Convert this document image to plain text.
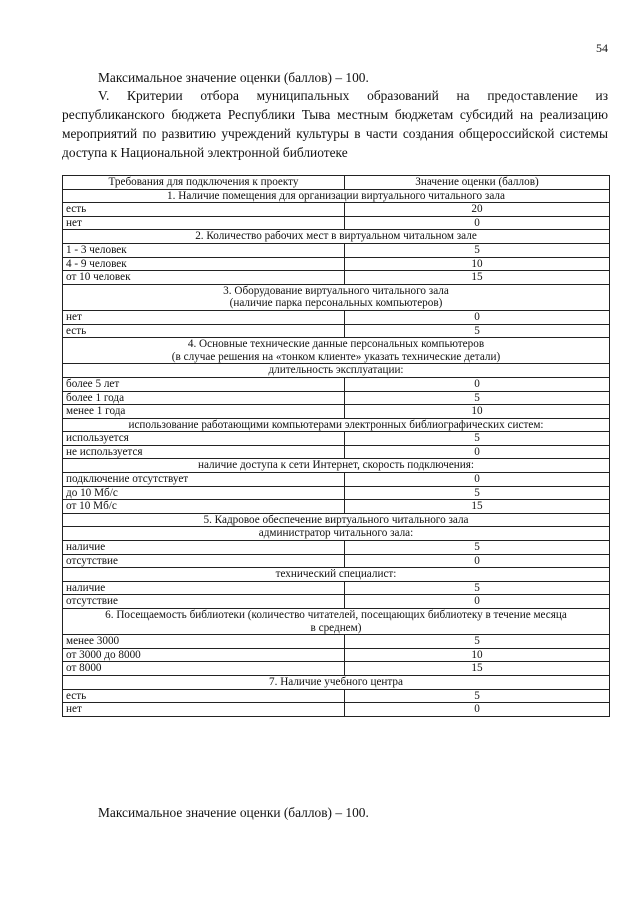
54

Максимальное значение оценки (баллов) – 100.

V. Критерии отбора муниципальных образований на предоставление из республиканского бюджета Республики Тыва местным бюджетам субсидий на реализацию мероприятий по развитию учреждений культуры в части создания общероссийской системы доступа к Национальной электронной библиотеке

Требования для подключения к проекту	Значение оценки (баллов)
1. Наличие помещения для организации виртуального читального зала	
есть	20
нет	0
2. Количество рабочих мест в виртуальном читальном зале	
1 - 3 человек	5
4 - 9 человек	10
от 10 человек	15
3. Оборудование виртуального читального зала
(наличие парка персональных компьютеров)	
нет	0
есть	5
4. Основные технические данные персональных компьютеров
(в случае решения на «тонком клиенте» указать технические детали)	
длительность эксплуатации:	
более 5 лет	0
более 1 года	5
менее 1 года	10
использование работающими компьютерами электронных библиографических систем:	
используется	5
не используется	0
наличие доступа к сети Интернет, скорость подключения:	
подключение отсутствует	0
до 10 Мб/с	5
от 10 Мб/с	15
5. Кадровое обеспечение виртуального читального зала	
администратор читального зала:	
наличие	5
отсутствие	0
технический специалист:	
наличие	5
отсутствие	0
6. Посещаемость библиотеки (количество читателей, посещающих библиотеку в течение месяца
в среднем)	
менее 3000	5
от 3000 до 8000	10
от 8000	15
7. Наличие учебного центра	
есть	5
нет	0

Максимальное значение оценки (баллов) – 100.
